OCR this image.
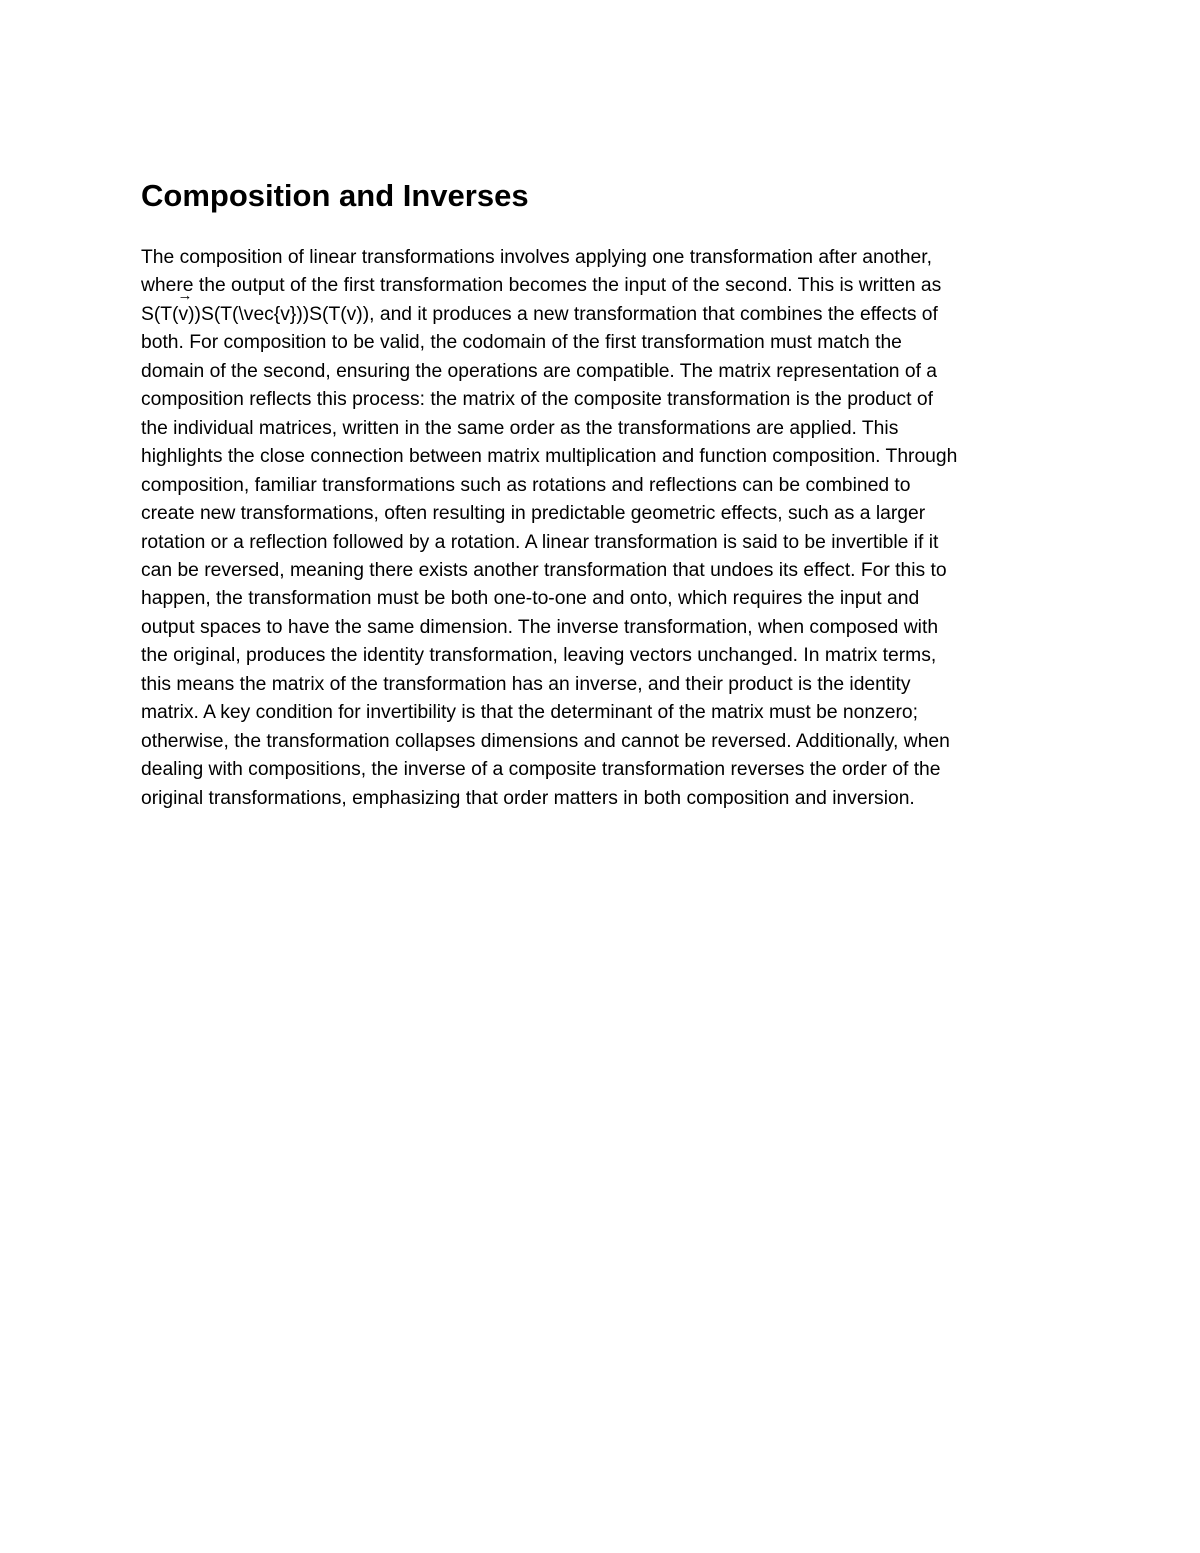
Composition and Inverses
The composition of linear transformations involves applying one transformation after another,
where the output of the first transformation becomes the input of the second. This is written as
S(T(→ v))S(T(\vec{v}))S(T(v)), and it produces a new transformation that combines the effects of
both. For composition to be valid, the codomain of the first transformation must match the
domain of the second, ensuring the operations are compatible. The matrix representation of a
composition reflects this process: the matrix of the composite transformation is the product of
the individual matrices, written in the same order as the transformations are applied. This
highlights the close connection between matrix multiplication and function composition. Through
composition, familiar transformations such as rotations and reflections can be combined to
create new transformations, often resulting in predictable geometric effects, such as a larger
rotation or a reflection followed by a rotation. A linear transformation is said to be invertible if it
can be reversed, meaning there exists another transformation that undoes its effect. For this to
happen, the transformation must be both one-to-one and onto, which requires the input and
output spaces to have the same dimension. The inverse transformation, when composed with
the original, produces the identity transformation, leaving vectors unchanged. In matrix terms,
this means the matrix of the transformation has an inverse, and their product is the identity
matrix. A key condition for invertibility is that the determinant of the matrix must be nonzero;
otherwise, the transformation collapses dimensions and cannot be reversed. Additionally, when
dealing with compositions, the inverse of a composite transformation reverses the order of the
original transformations, emphasizing that order matters in both composition and inversion.
